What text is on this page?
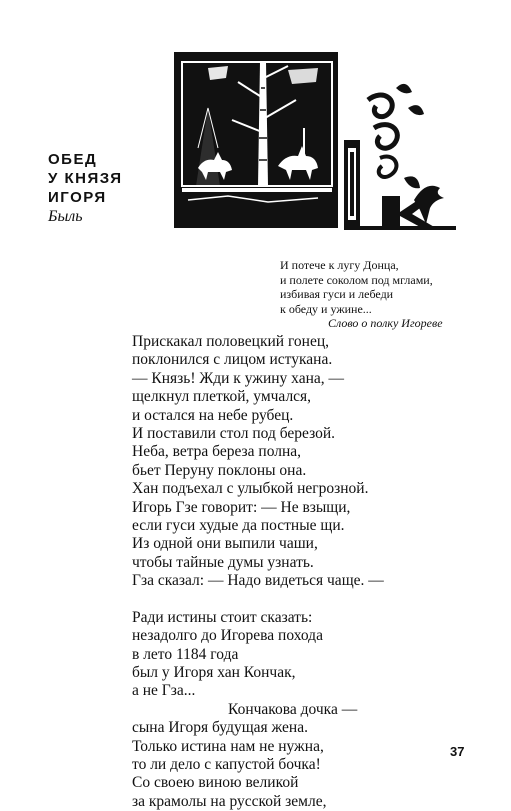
ОБЕД
У КНЯЗЯ
ИГОРЯ
Быль
И потече к лугу Донца,
и полете соколом под мглами,
избивая гуси и лебеди
к обеду и ужине...
Слово о полку Игореве
Прискакал половецкий гонец,
поклонился с лицом истукана.
— Князь! Жди к ужину хана, —
щелкнул плеткой, умчался,
и остался на небе рубец.
И поставили стол под березой.
Неба, ветра береза полна,
бьет Перуну поклоны она.
Хан подъехал с улыбкой негрозной.
Игорь Гзе говорит: — Не взыщи,
если гуси худые да постные щи.
Из одной они выпили чаши,
чтобы тайные думы узнать.
Гза сказал: — Надо видеться чаще. —
Ради истины стоит сказать:
незадолго до Игорева похода
в лето 1184 года
был у Игоря хан Кончак,
а не Гза...
Кончакова дочка —
сына Игоря будущая жена.
Только истина нам не нужна,
то ли дело с капустой бочка!
Со своею виною великой
за крамолы на русской земле,
37
